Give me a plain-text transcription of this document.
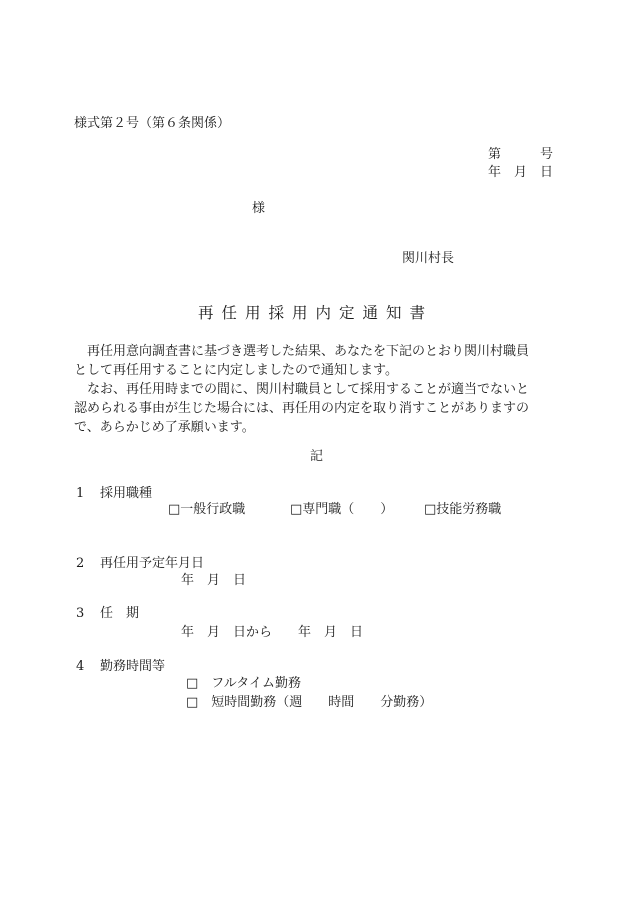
様式第２号（第６条関係）
第　　　号
年　月　日
様
関川村長
再任用採用内定通知書

　再任用意向調査書に基づき選考した結果、あなたを下記のとおり関川村職員

として再任用することに内定しましたので通知します。

　なお、再任用時までの間に、関川村職員として採用することが適当でないと

認められる事由が生じた場合には、再任用の内定を取り消すことがありますの

で、あらかじめ了承願います。

記
1 採用職種
□一般行政職	□専門職（　　） □技能労務職
2 再任用予定年月日
年　月　日
3 任　期
年　月　日から　　年　月　日
4 勤務時間等
□　フルタイム勤務
□　短時間勤務（週　　時間　　分勤務）
